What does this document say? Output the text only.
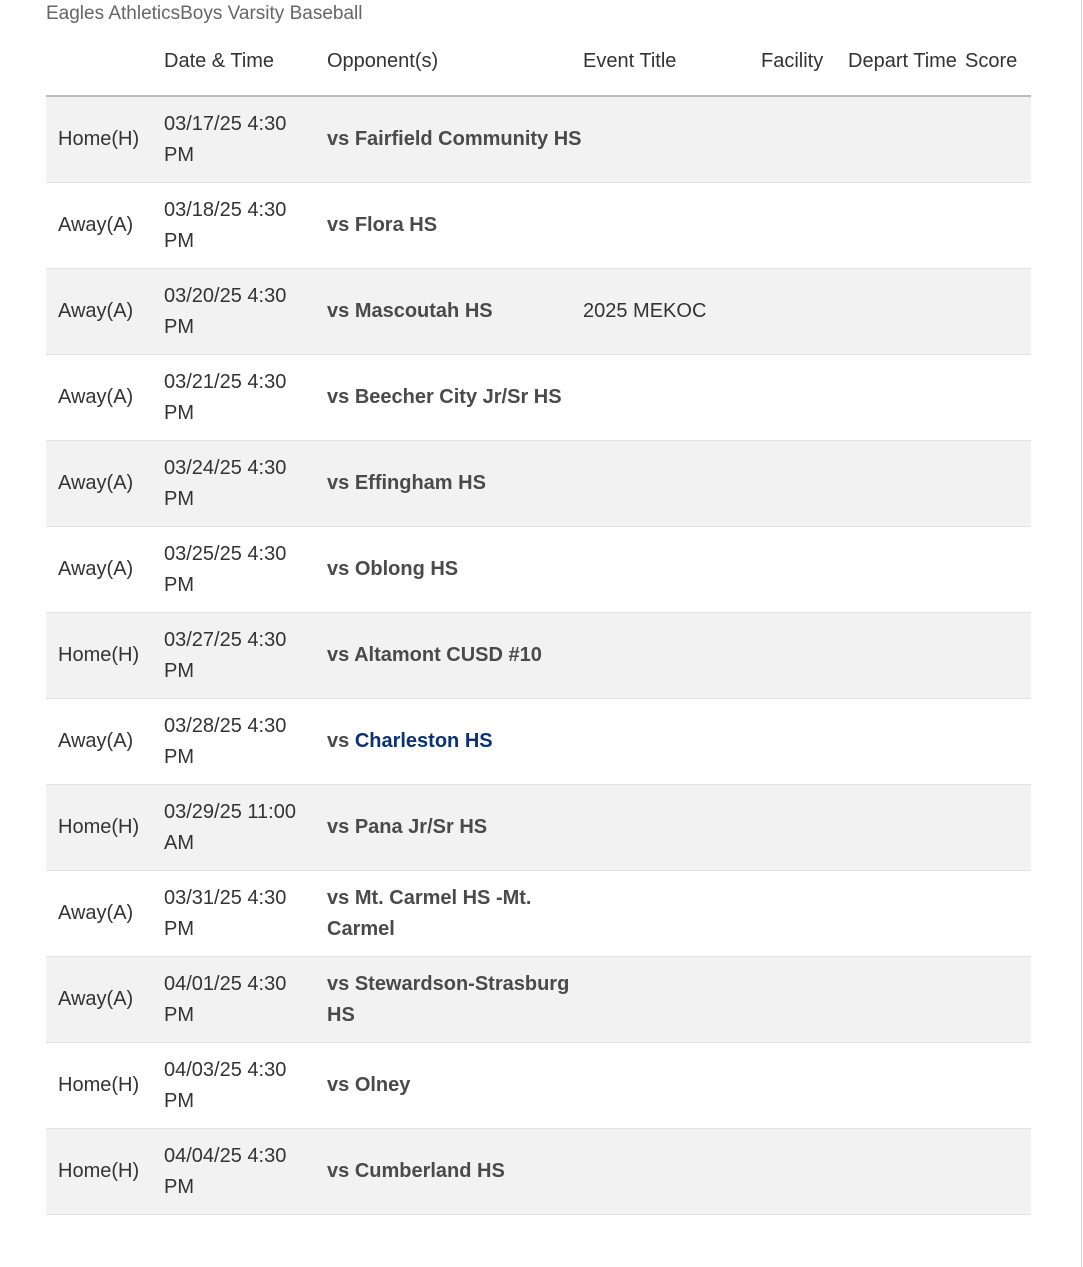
Eagles AthleticsBoys Varsity Baseball
	Date & Time	Opponent(s)	Event Title	Facility	Depart Time	Score
Home(H)	03/17/25 4:30 PM	vs Fairfield Community HS				
Away(A)	03/18/25 4:30 PM	vs Flora HS				
Away(A)	03/20/25 4:30 PM	vs Mascoutah HS	2025 MEKOC			
Away(A)	03/21/25 4:30 PM	vs Beecher City Jr/Sr HS				
Away(A)	03/24/25 4:30 PM	vs Effingham HS				
Away(A)	03/25/25 4:30 PM	vs Oblong HS				
Home(H)	03/27/25 4:30 PM	vs Altamont CUSD #10				
Away(A)	03/28/25 4:30 PM	vs Charleston HS				
Home(H)	03/29/25 11:00 AM	vs Pana Jr/Sr HS				
Away(A)	03/31/25 4:30 PM	vs Mt. Carmel HS -Mt. Carmel				
Away(A)	04/01/25 4:30 PM	vs Stewardson-Strasburg HS				
Home(H)	04/03/25 4:30 PM	vs Olney				
Home(H)	04/04/25 4:30 PM	vs Cumberland HS				
